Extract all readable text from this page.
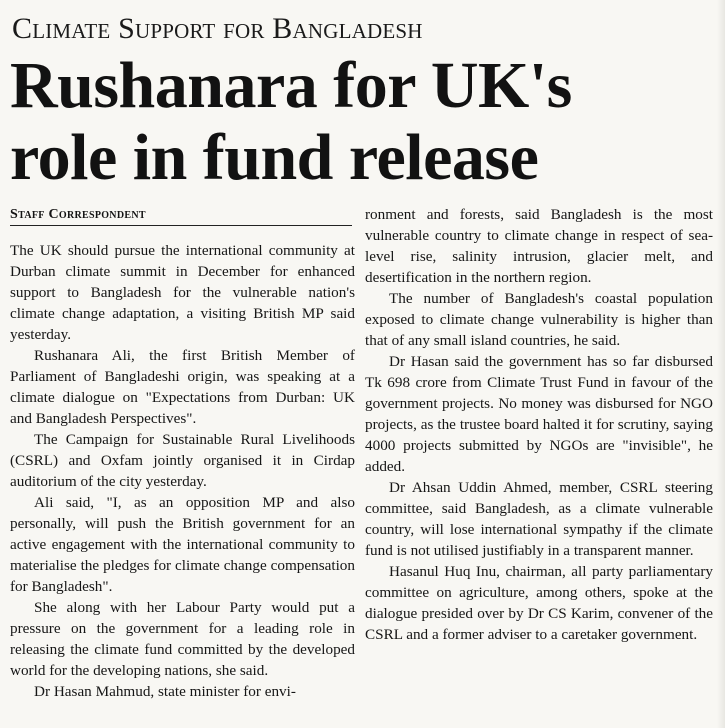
Climate Support for Bangladesh
Rushanara for UK's
role in fund release
Staff Correspondent

The UK should pursue the international community at Durban climate summit in December for enhanced support to Bangladesh for the vulnerable nation's climate change adaptation, a visiting British MP said yesterday.

Rushanara Ali, the first British Member of Parliament of Bangladeshi origin, was speaking at a climate dialogue on "Expectations from Durban: UK and Bangladesh Perspectives".

The Campaign for Sustainable Rural Livelihoods (CSRL) and Oxfam jointly organised it in Cirdap auditorium of the city yesterday.

Ali said, "I, as an opposition MP and also personally, will push the British government for an active engagement with the international community to materialise the pledges for climate change compensation for Bangladesh".

She along with her Labour Party would put a pressure on the government for a leading role in releasing the climate fund committed by the developed world for the developing nations, she said.

Dr Hasan Mahmud, state minister for envi-

ronment and forests, said Bangladesh is the most vulnerable country to climate change in respect of sea-level rise, salinity intrusion, glacier melt, and desertification in the northern region.

The number of Bangladesh's coastal population exposed to climate change vulnerability is higher than that of any small island countries, he said.

Dr Hasan said the government has so far disbursed Tk 698 crore from Climate Trust Fund in favour of the government projects. No money was disbursed for NGO projects, as the trustee board halted it for scrutiny, saying 4000 projects submitted by NGOs are "invisible", he added.

Dr Ahsan Uddin Ahmed, member, CSRL steering committee, said Bangladesh, as a climate vulnerable country, will lose international sympathy if the climate fund is not utilised justifiably in a transparent manner.

Hasanul Huq Inu, chairman, all party parliamentary committee on agriculture, among others, spoke at the dialogue presided over by Dr CS Karim, convener of the CSRL and a former adviser to a caretaker government.
